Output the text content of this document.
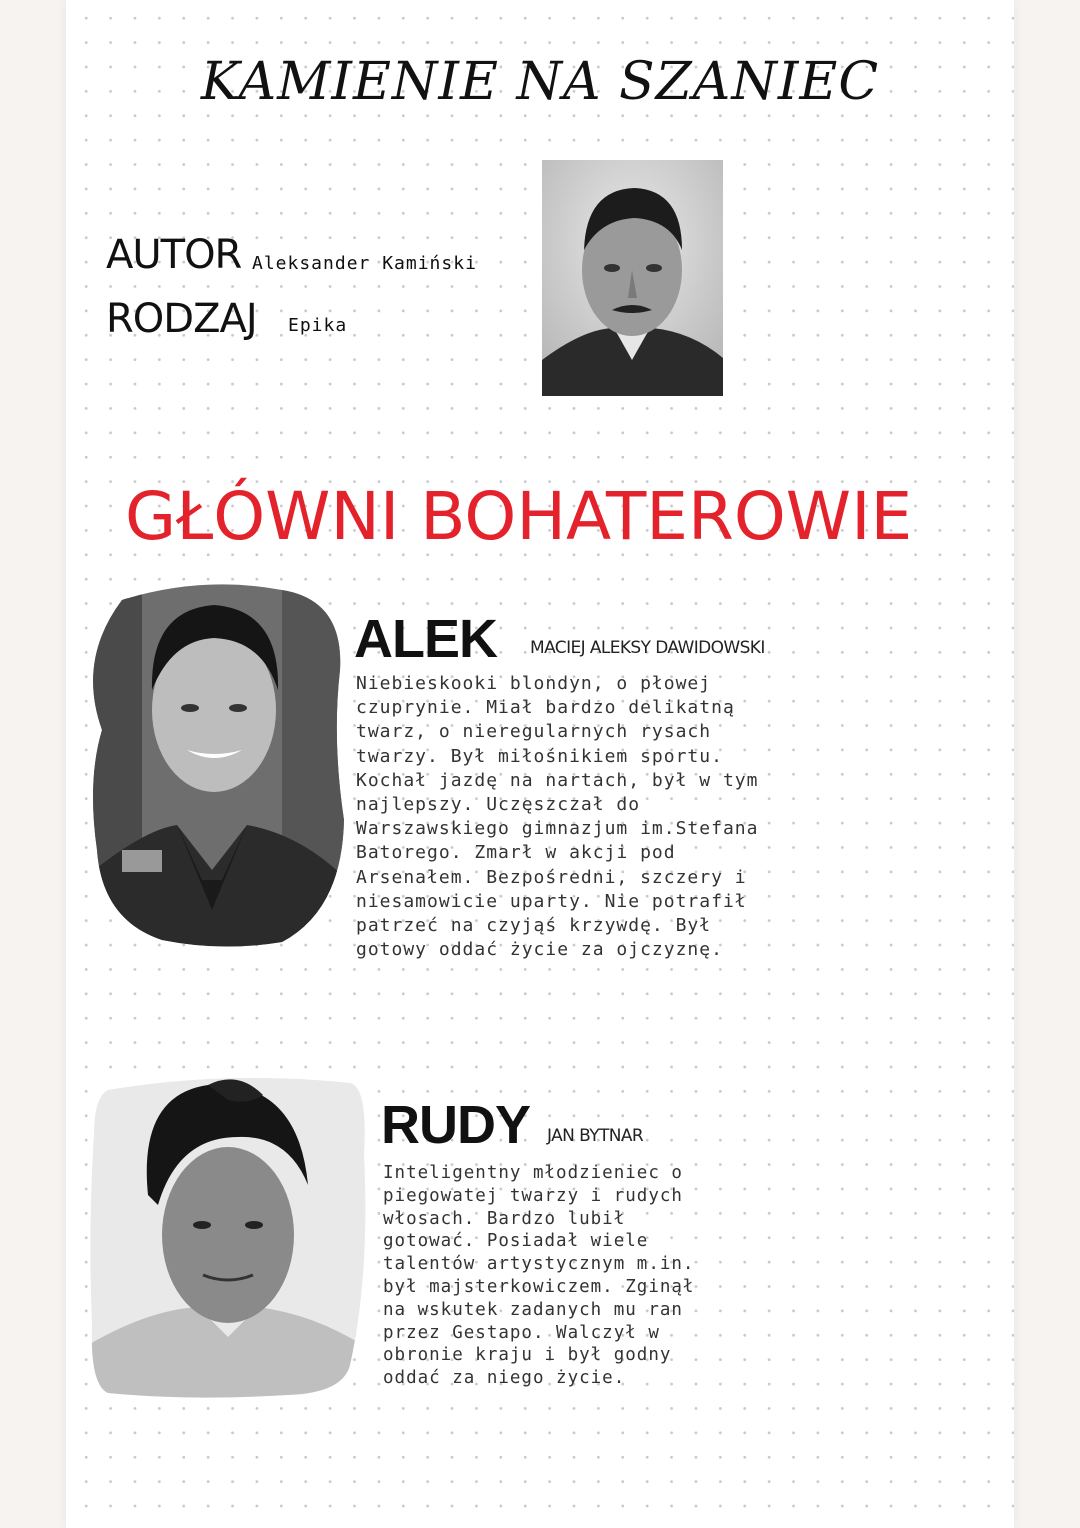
KAMIENIE NA SZANIEC
AUTOR Aleksander Kamiński
RODZAJ Epika
GŁÓWNI BOHATEROWIE
ALEK MACIEJ ALEKSY DAWIDOWSKI

Niebieskooki blondyn, o płowej czuprynie. Miał bardzo delikatną twarz, o nieregularnych rysach twarzy. Był miłośnikiem sportu. Kochał jazdę na nartach, był w tym najlepszy. Uczęszczał do Warszawskiego gimnazjum im.Stefana Batorego. Zmarł w akcji pod Arsenałem. Bezpośredni, szczery i niesamowicie uparty. Nie potrafił patrzeć na czyjąś krzywdę. Był gotowy oddać życie za ojczyznę.

RUDY JAN BYTNAR

Inteligentny młodzieniec o piegowatej twarzy i rudych włosach. Bardzo lubił gotować. Posiadał wiele talentów artystycznym m.in. był majsterkowiczem. Zginął na wskutek zadanych mu ran przez Gestapo. Walczył w obronie kraju i był godny oddać za niego życie.
